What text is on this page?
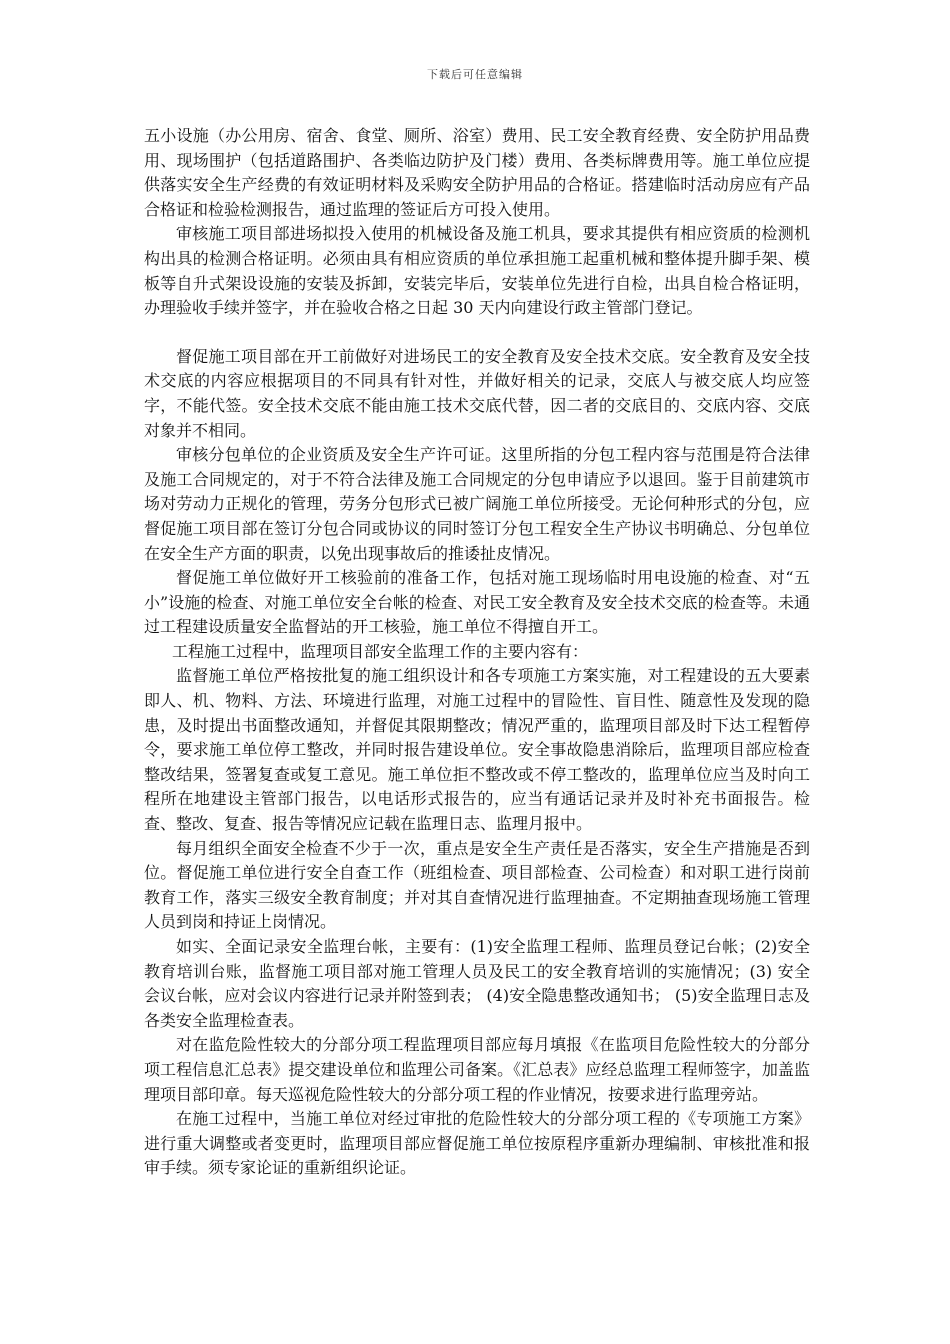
下载后可任意编辑

五小设施（办公用房、宿舍、食堂、厕所、浴室）费用、民工安全教育经费、安全防护用品费用、现场围护（包括道路围护、各类临边防护及门楼）费用、各类标牌费用等。施工单位应提供落实安全生产经费的有效证明材料及采购安全防护用品的合格证。搭建临时活动房应有产品合格证和检验检测报告，通过监理的签证后方可投入使用。

审核施工项目部进场拟投入使用的机械设备及施工机具，要求其提供有相应资质的检测机构出具的检测合格证明。必须由具有相应资质的单位承担施工起重机械和整体提升脚手架、模板等自升式架设设施的安装及拆卸，安装完毕后，安装单位先进行自检，出具自检合格证明，办理验收手续并签字，并在验收合格之日起 30 天内向建设行政主管部门登记。

督促施工项目部在开工前做好对进场民工的安全教育及安全技术交底。安全教育及安全技术交底的内容应根据项目的不同具有针对性，并做好相关的记录，交底人与被交底人均应签字，不能代签。安全技术交底不能由施工技术交底代替，因二者的交底目的、交底内容、交底对象并不相同。

审核分包单位的企业资质及安全生产许可证。这里所指的分包工程内容与范围是符合法律及施工合同规定的，对于不符合法律及施工合同规定的分包申请应予以退回。鉴于目前建筑市场对劳动力正规化的管理，劳务分包形式已被广阔施工单位所接受。无论何种形式的分包，应督促施工项目部在签订分包合同或协议的同时签订分包工程安全生产协议书明确总、分包单位在安全生产方面的职责，以免出现事故后的推诿扯皮情况。

督促施工单位做好开工核验前的准备工作，包括对施工现场临时用电设施的检查、对“五小”设施的检查、对施工单位安全台帐的检查、对民工安全教育及安全技术交底的检查等。未通过工程建设质量安全监督站的开工核验，施工单位不得擅自开工。

工程施工过程中，监理项目部安全监理工作的主要内容有：

监督施工单位严格按批复的施工组织设计和各专项施工方案实施，对工程建设的五大要素即人、机、物料、方法、环境进行监理，对施工过程中的冒险性、盲目性、随意性及发现的隐患，及时提出书面整改通知，并督促其限期整改；情况严重的，监理项目部及时下达工程暂停令，要求施工单位停工整改，并同时报告建设单位。安全事故隐患消除后，监理项目部应检查整改结果，签署复查或复工意见。施工单位拒不整改或不停工整改的，监理单位应当及时向工程所在地建设主管部门报告，以电话形式报告的，应当有通话记录并及时补充书面报告。检查、整改、复查、报告等情况应记载在监理日志、监理月报中。

每月组织全面安全检查不少于一次，重点是安全生产责任是否落实，安全生产措施是否到位。督促施工单位进行安全自查工作（班组检查、项目部检查、公司检查）和对职工进行岗前教育工作，落实三级安全教育制度；并对其自查情况进行监理抽查。不定期抽查现场施工管理人员到岗和持证上岗情况。

如实、全面记录安全监理台帐，主要有：(1)安全监理工程师、监理员登记台帐；(2)安全教育培训台账，监督施工项目部对施工管理人员及民工的安全教育培训的实施情况；(3) 安全会议台帐，应对会议内容进行记录并附签到表； (4)安全隐患整改通知书； (5)安全监理日志及各类安全监理检查表。

对在监危险性较大的分部分项工程监理项目部应每月填报《在监项目危险性较大的分部分项工程信息汇总表》提交建设单位和监理公司备案。《汇总表》应经总监理工程师签字，加盖监理项目部印章。每天巡视危险性较大的分部分项工程的作业情况，按要求进行监理旁站。

在施工过程中，当施工单位对经过审批的危险性较大的分部分项工程的《专项施工方案》进行重大调整或者变更时，监理项目部应督促施工单位按原程序重新办理编制、审核批准和报审手续。须专家论证的重新组织论证。
